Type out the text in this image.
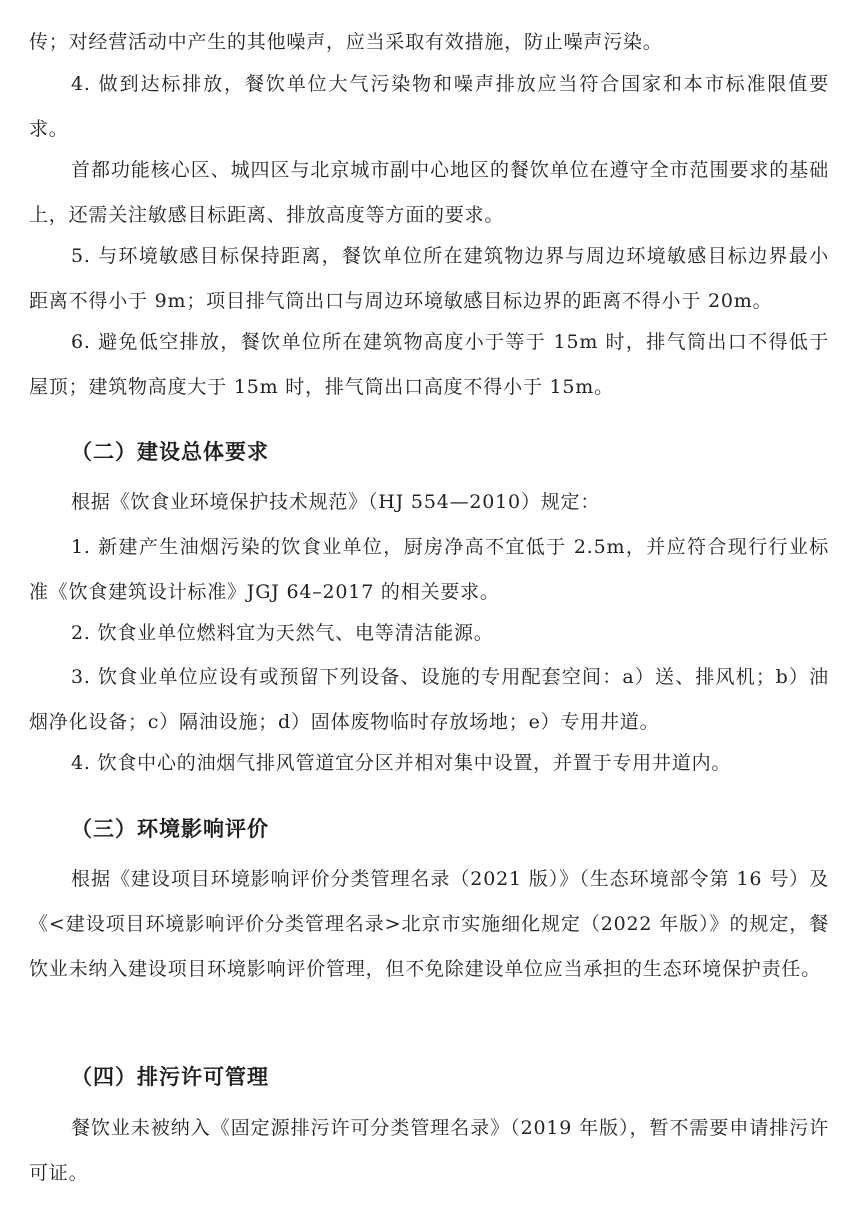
传；对经营活动中产生的其他噪声，应当采取有效措施，防止噪声污染。

4. 做到达标排放，餐饮单位大气污染物和噪声排放应当符合国家和本市标准限值要求。

首都功能核心区、城四区与北京城市副中心地区的餐饮单位在遵守全市范围要求的基础上，还需关注敏感目标距离、排放高度等方面的要求。

5. 与环境敏感目标保持距离，餐饮单位所在建筑物边界与周边环境敏感目标边界最小距离不得小于 9m；项目排气筒出口与周边环境敏感目标边界的距离不得小于 20m。

6. 避免低空排放，餐饮单位所在建筑物高度小于等于 15m 时，排气筒出口不得低于屋顶；建筑物高度大于 15m 时，排气筒出口高度不得小于 15m。

（二）建设总体要求

根据《饮食业环境保护技术规范》（HJ 554—2010）规定：

1. 新建产生油烟污染的饮食业单位，厨房净高不宜低于 2.5m，并应符合现行行业标准《饮食建筑设计标准》JGJ 64–2017 的相关要求。

2. 饮食业单位燃料宜为天然气、电等清洁能源。

3. 饮食业单位应设有或预留下列设备、设施的专用配套空间：a）送、排风机；b）油烟净化设备；c）隔油设施；d）固体废物临时存放场地；e）专用井道。

4. 饮食中心的油烟气排风管道宜分区并相对集中设置，并置于专用井道内。

（三）环境影响评价

根据《建设项目环境影响评价分类管理名录（2021 版）》（生态环境部令第 16 号）及《<建设项目环境影响评价分类管理名录>北京市实施细化规定（2022 年版）》的规定，餐饮业未纳入建设项目环境影响评价管理，但不免除建设单位应当承担的生态环境保护责任。

（四）排污许可管理

餐饮业未被纳入《固定源排污许可分类管理名录》（2019 年版），暂不需要申请排污许可证。
